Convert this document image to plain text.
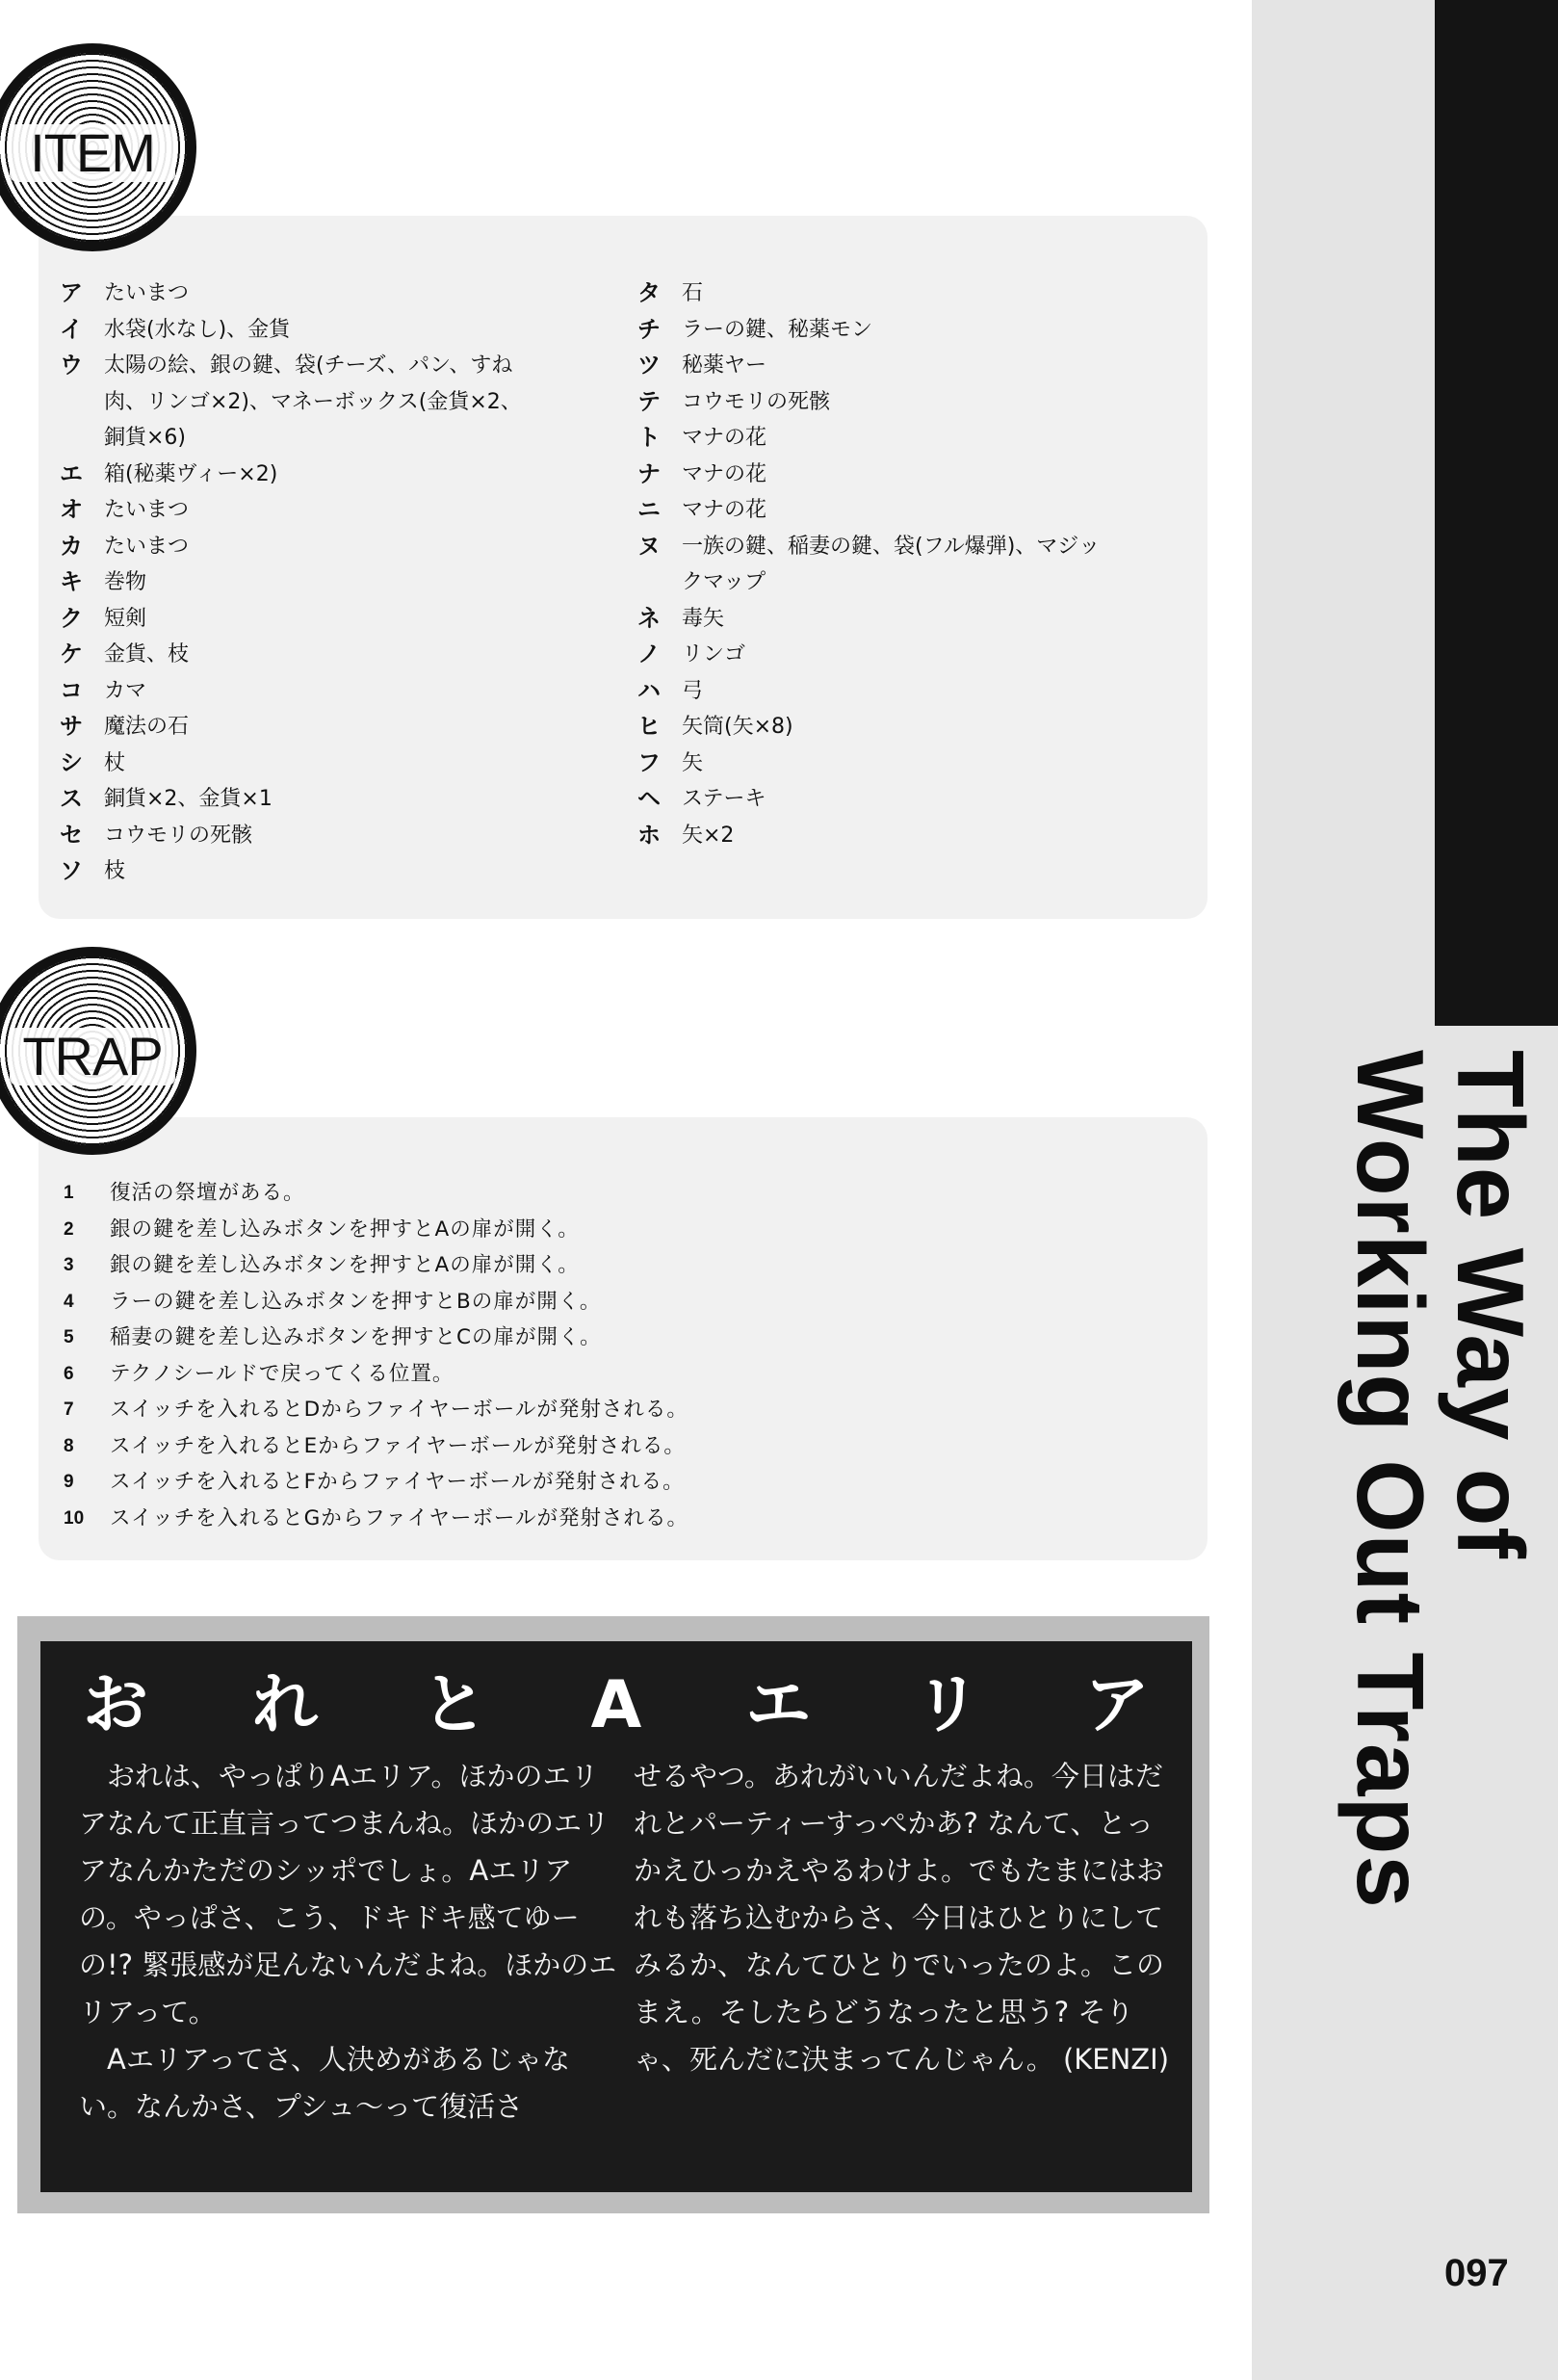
The Way of
Working Out Traps
097
ITEM
ア	たいまつ
イ	水袋(水なし)、金貨
ウ	太陽の絵、銀の鍵、袋(チーズ、パン、すね
肉、リンゴ×2)、マネーボックス(金貨×2、
銅貨×6)
エ	箱(秘薬ヴィー×2)
オ	たいまつ
カ	たいまつ
キ	巻物
ク	短剣
ケ	金貨、枝
コ	カマ
サ	魔法の石
シ	杖
ス	銅貨×2、金貨×1
セ	コウモリの死骸
ソ	枝
タ	石
チ	ラーの鍵、秘薬モン
ツ	秘薬ヤー
テ	コウモリの死骸
ト	マナの花
ナ	マナの花
ニ	マナの花
ヌ	一族の鍵、稲妻の鍵、袋(フル爆弾)、マジッ
クマップ
ネ	毒矢
ノ	リンゴ
ハ	弓
ヒ	矢筒(矢×8)
フ	矢
ヘ	ステーキ
ホ	矢×2
TRAP
1	復活の祭壇がある。
2	銀の鍵を差し込みボタンを押すとAの扉が開く。
3	銀の鍵を差し込みボタンを押すとAの扉が開く。
4	ラーの鍵を差し込みボタンを押すとBの扉が開く。
5	稲妻の鍵を差し込みボタンを押すとCの扉が開く。
6	テクノシールドで戻ってくる位置。
7	スイッチを入れるとDからファイヤーボールが発射される。
8	スイッチを入れるとEからファイヤーボールが発射される。
9	スイッチを入れるとFからファイヤーボールが発射される。
10	スイッチを入れるとGからファイヤーボールが発射される。
お れ と A エ リ ア

おれは、やっぱりAエリア。ほかのエリアなんて正直言ってつまんね。ほかのエリアなんかただのシッポでしょ。Aエリアの。やっぱさ、こう、ドキドキ感てゆーの!? 緊張感が足んないんだよね。ほかのエリアって。

Aエリアってさ、人決めがあるじゃない。なんかさ、プシュ〜って復活さ

せるやつ。あれがいいんだよね。今日はだれとパーティーすっぺかあ? なんて、とっかえひっかえやるわけよ。でもたまにはおれも落ち込むからさ、今日はひとりにしてみるか、なんてひとりでいったのよ。このまえ。そしたらどうなったと思う? そりゃ、死んだに決まってんじゃん。 (KENZI)
